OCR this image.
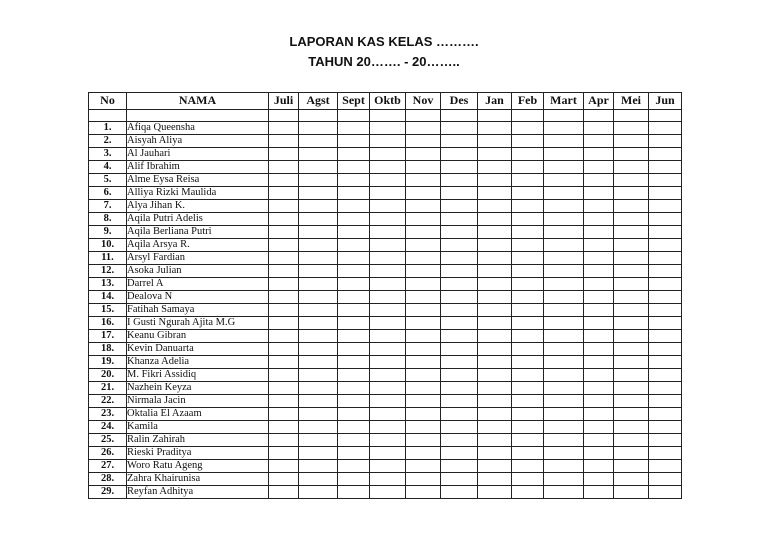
LAPORAN KAS KELAS ……….
TAHUN 20……. - 20……..
No	NAMA	Juli	Agst	Sept	Oktb	Nov	Des	Jan	Feb	Mart	Apr	Mei	Jun

1.	Afiqa Queensha												
2.	Aisyah Aliya												
3.	Al Jauhari												
4.	Alif Ibrahim												
5.	Alme Eysa Reisa												
6.	Alliya Rizki Maulida												
7.	Alya Jihan K.												
8.	Aqila Putri Adelis												
9.	Aqila Berliana Putri												
10.	Aqila Arsya R.												
11.	Arsyl Fardian												
12.	Asoka Julian												
13.	Darrel A												
14.	Dealova N												
15.	Fatihah Samaya												
16.	I Gusti Ngurah Ajita M.G												
17.	Keanu Gibran												
18.	Kevin Danuarta												
19.	Khanza Adelia												
20.	M. Fikri Assidiq												
21.	Nazhein Keyza												
22.	Nirmala Jacin												
23.	Oktalia El Azaam												
24.	Kamila												
25.	Ralin Zahirah												
26.	Rieski Praditya												
27.	Woro Ratu Ageng												
28.	Zahra Khairunisa												
29.	Reyfan Adhitya												
